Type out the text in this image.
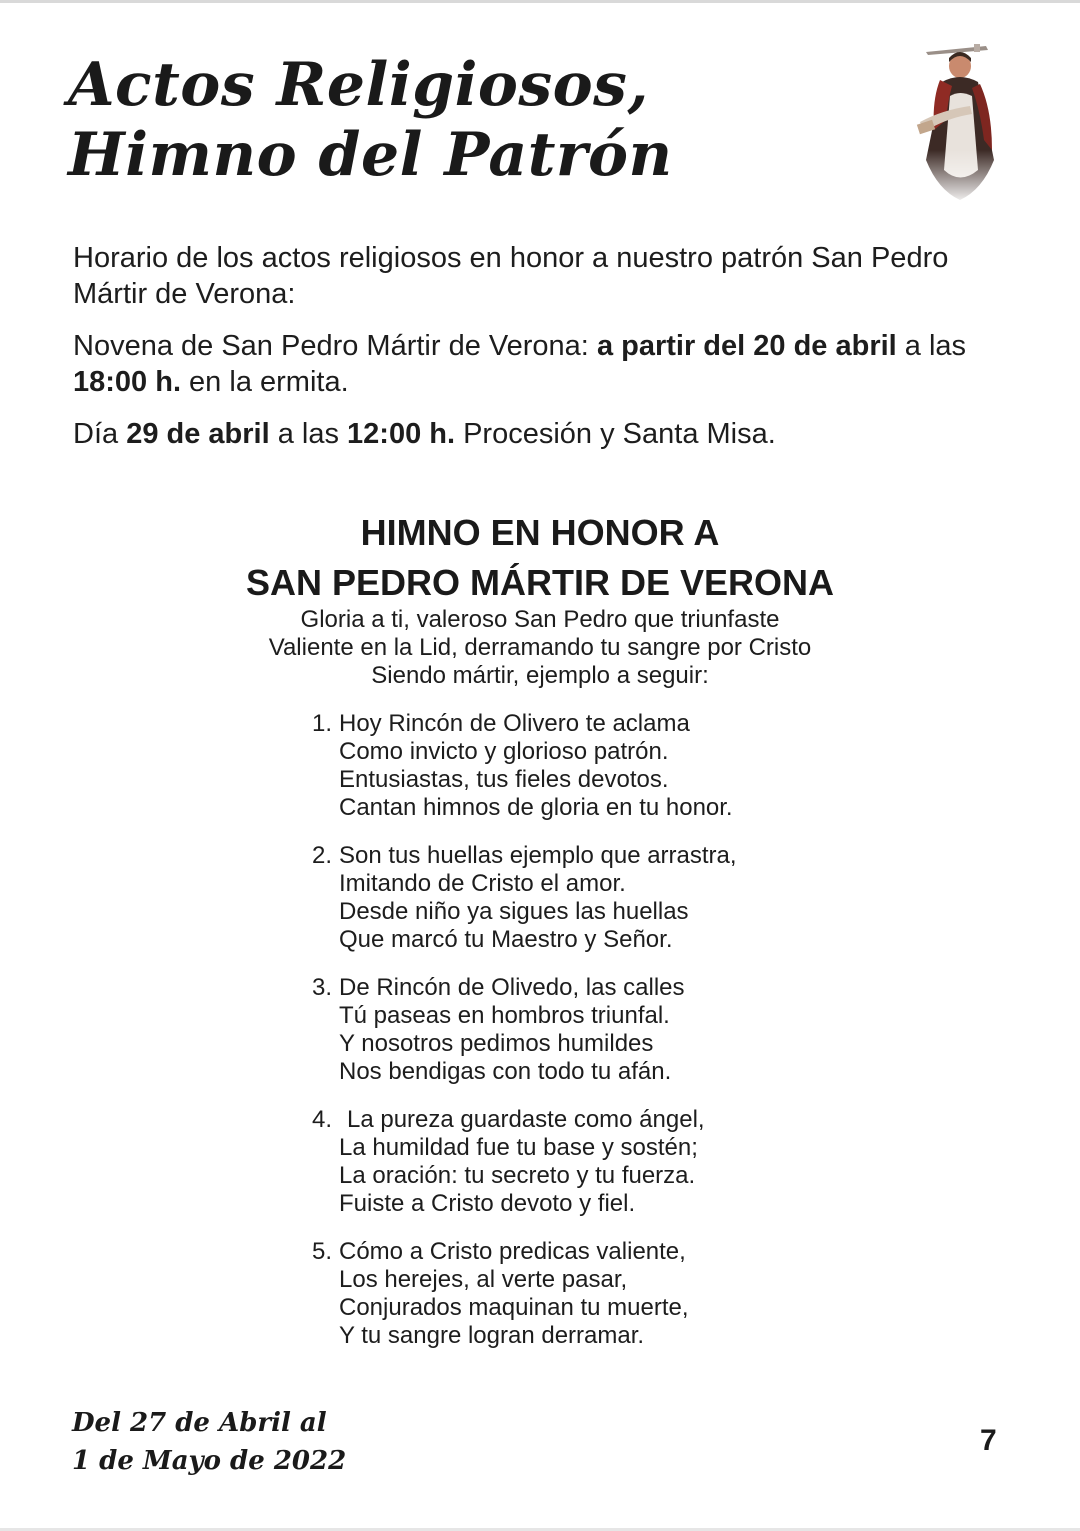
Actos Religiosos,
Himno del Patrón

Horario de los actos religiosos en honor a nuestro patrón San Pedro Mártir de Verona:

Novena de San Pedro Mártir de Verona: a partir del 20 de abril a las 18:00 h. en la ermita.

Día 29 de abril a las 12:00 h. Procesión y Santa Misa.

HIMNO EN HONOR A
SAN PEDRO MÁRTIR DE VERONA
Gloria a ti, valeroso San Pedro que triunfaste
Valiente en la Lid, derramando tu sangre por Cristo
Siendo mártir, ejemplo a seguir:
1. Hoy Rincón de Olivero te aclama
Como invicto y glorioso patrón.
Entusiastas, tus fieles devotos.
Cantan himnos de gloria en tu honor.
2. Son tus huellas ejemplo que arrastra,
Imitando de Cristo el amor.
Desde niño ya sigues las huellas
Que marcó tu Maestro y Señor.
3. De Rincón de Olivedo, las calles
Tú paseas en hombros triunfal.
Y nosotros pedimos humildes
Nos bendigas con todo tu afán.
4. La pureza guardaste como ángel,
La humildad fue tu base y sostén;
La oración: tu secreto y tu fuerza.
Fuiste a Cristo devoto y fiel.
5. Cómo a Cristo predicas valiente,
Los herejes, al verte pasar,
Conjurados maquinan tu muerte,
Y tu sangre logran derramar.
Del 27 de Abril al
1 de Mayo de 2022
7
